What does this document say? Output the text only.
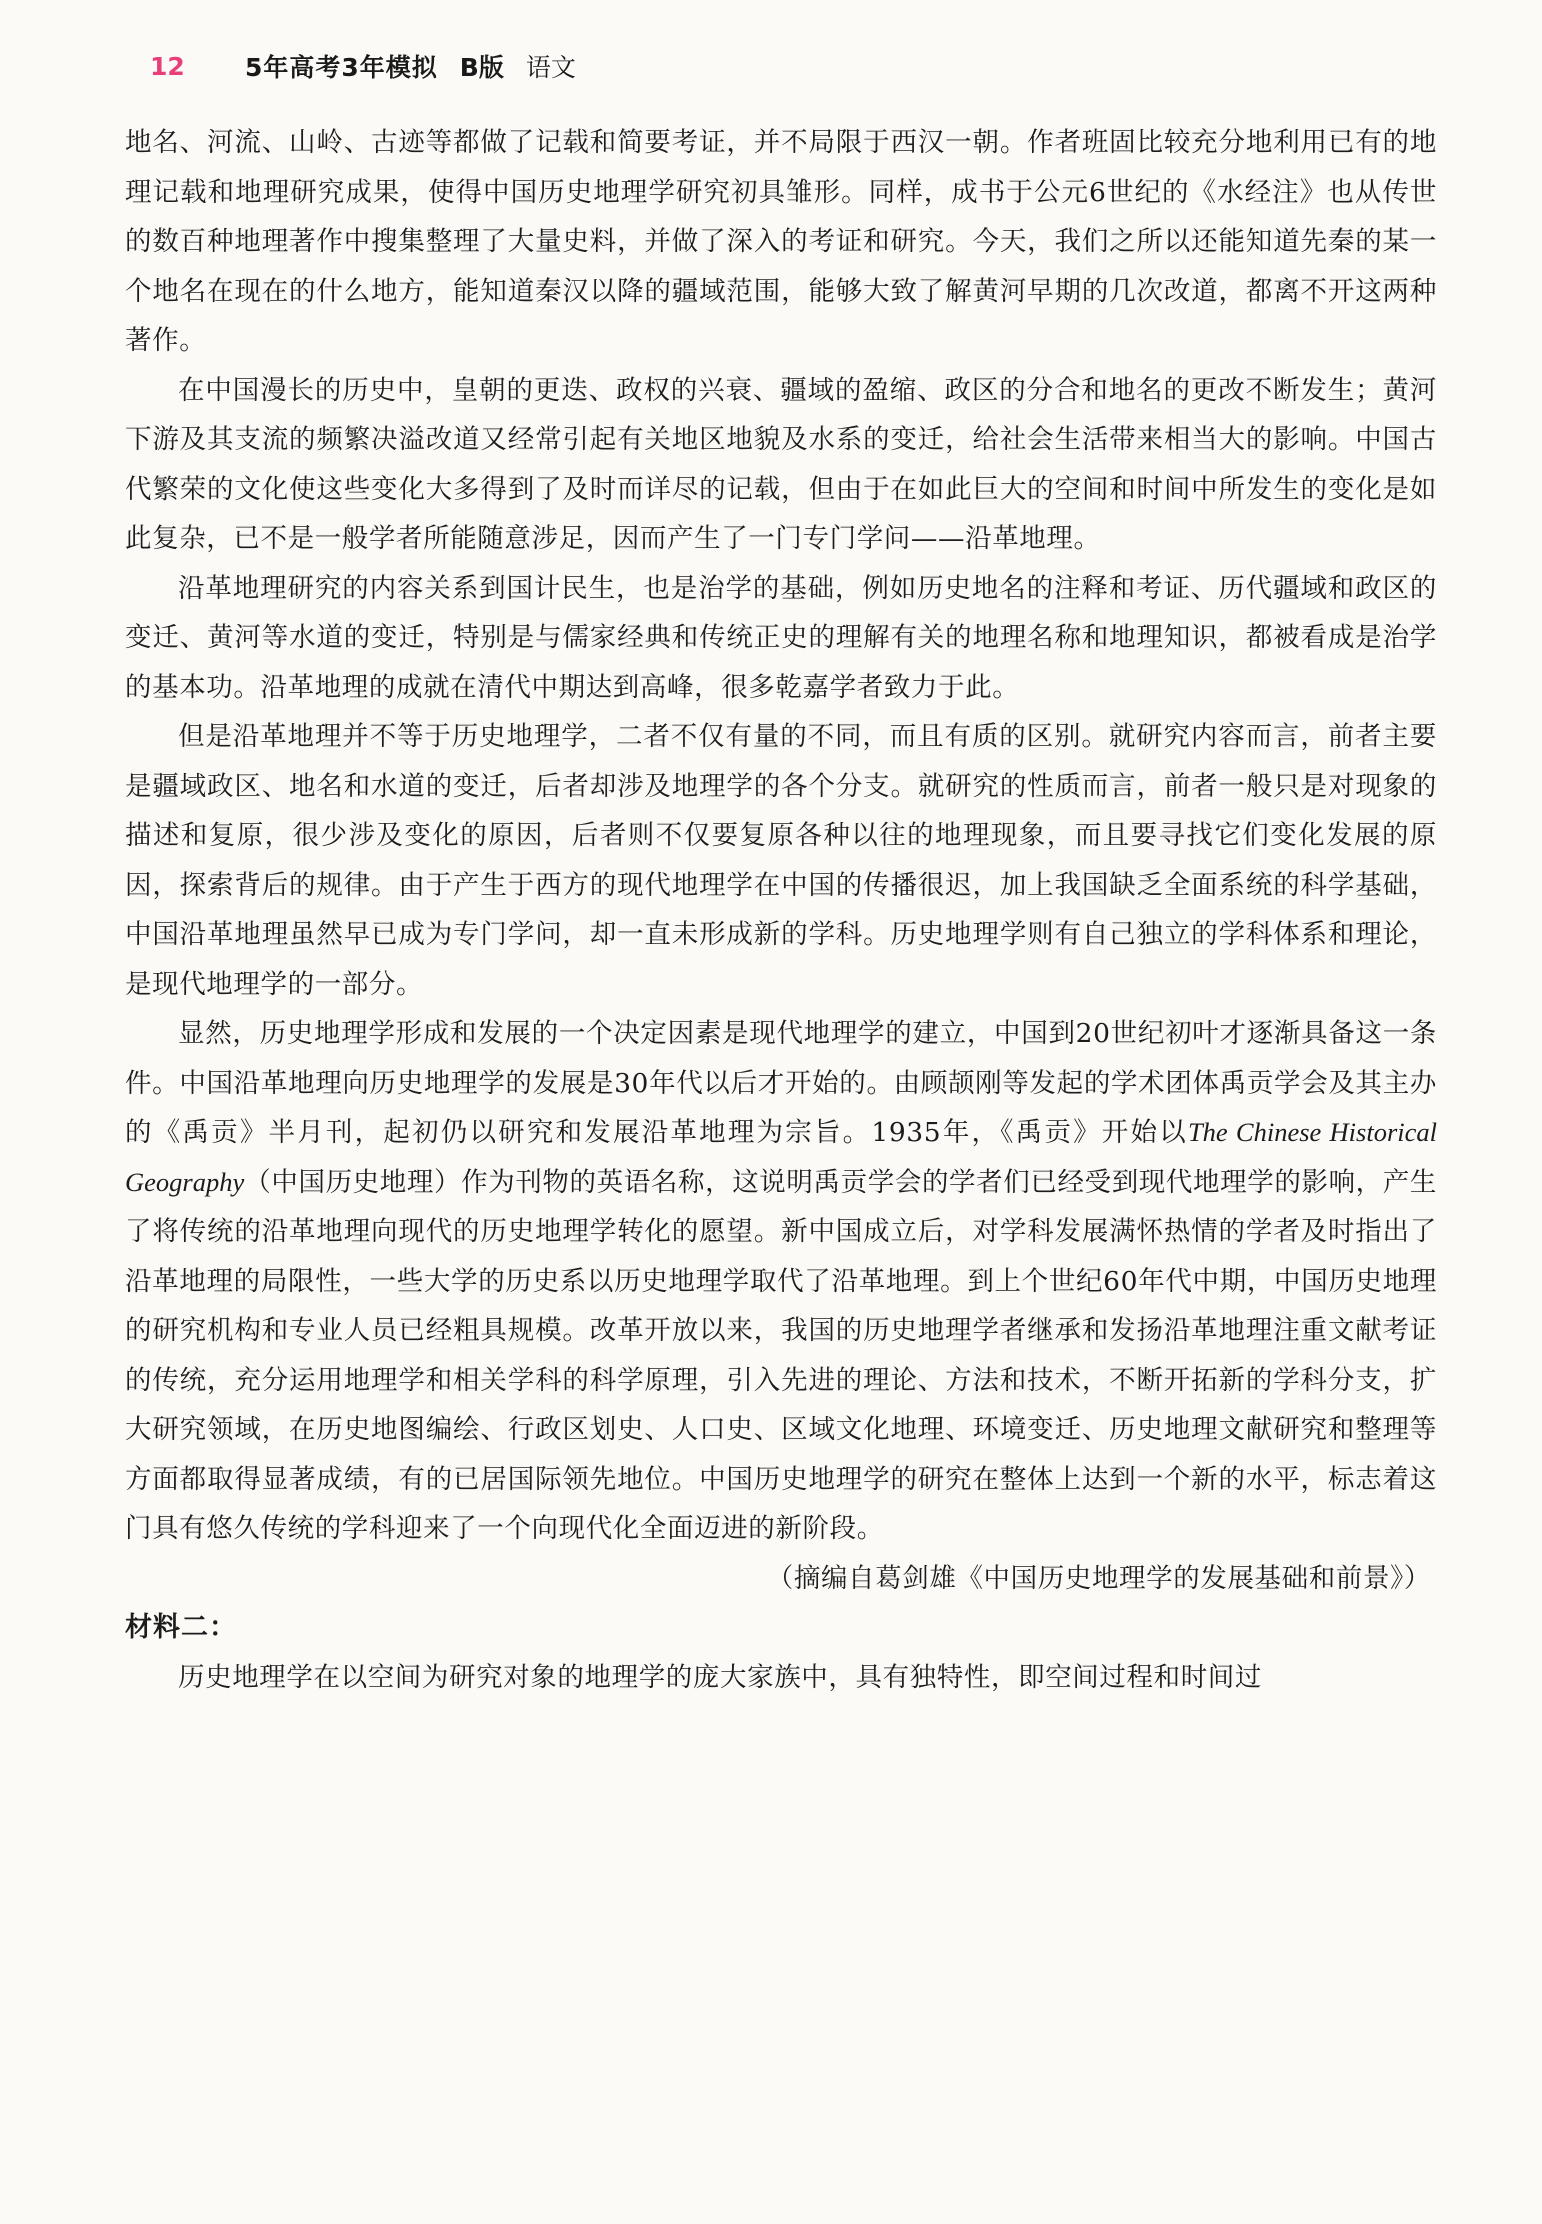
12	5年高考3年模拟 B版 语文

地名、河流、山岭、古迹等都做了记载和简要考证，并不局限于西汉一朝。作者班固比较充分地利用已有的地理记载和地理研究成果，使得中国历史地理学研究初具雏形。同样，成书于公元6世纪的《水经注》也从传世的数百种地理著作中搜集整理了大量史料，并做了深入的考证和研究。今天，我们之所以还能知道先秦的某一个地名在现在的什么地方，能知道秦汉以降的疆域范围，能够大致了解黄河早期的几次改道，都离不开这两种著作。

在中国漫长的历史中，皇朝的更迭、政权的兴衰、疆域的盈缩、政区的分合和地名的更改不断发生；黄河下游及其支流的频繁决溢改道又经常引起有关地区地貌及水系的变迁，给社会生活带来相当大的影响。中国古代繁荣的文化使这些变化大多得到了及时而详尽的记载，但由于在如此巨大的空间和时间中所发生的变化是如此复杂，已不是一般学者所能随意涉足，因而产生了一门专门学问——沿革地理。

沿革地理研究的内容关系到国计民生，也是治学的基础，例如历史地名的注释和考证、历代疆域和政区的变迁、黄河等水道的变迁，特别是与儒家经典和传统正史的理解有关的地理名称和地理知识，都被看成是治学的基本功。沿革地理的成就在清代中期达到高峰，很多乾嘉学者致力于此。

但是沿革地理并不等于历史地理学，二者不仅有量的不同，而且有质的区别。就研究内容而言，前者主要是疆域政区、地名和水道的变迁，后者却涉及地理学的各个分支。就研究的性质而言，前者一般只是对现象的描述和复原，很少涉及变化的原因，后者则不仅要复原各种以往的地理现象，而且要寻找它们变化发展的原因，探索背后的规律。由于产生于西方的现代地理学在中国的传播很迟，加上我国缺乏全面系统的科学基础，中国沿革地理虽然早已成为专门学问，却一直未形成新的学科。历史地理学则有自己独立的学科体系和理论，是现代地理学的一部分。

显然，历史地理学形成和发展的一个决定因素是现代地理学的建立，中国到20世纪初叶才逐渐具备这一条件。中国沿革地理向历史地理学的发展是30年代以后才开始的。由顾颉刚等发起的学术团体禹贡学会及其主办的《禹贡》半月刊，起初仍以研究和发展沿革地理为宗旨。1935年，《禹贡》开始以The Chinese Historical Geography（中国历史地理）作为刊物的英语名称，这说明禹贡学会的学者们已经受到现代地理学的影响，产生了将传统的沿革地理向现代的历史地理学转化的愿望。新中国成立后，对学科发展满怀热情的学者及时指出了沿革地理的局限性，一些大学的历史系以历史地理学取代了沿革地理。到上个世纪60年代中期，中国历史地理的研究机构和专业人员已经粗具规模。改革开放以来，我国的历史地理学者继承和发扬沿革地理注重文献考证的传统，充分运用地理学和相关学科的科学原理，引入先进的理论、方法和技术，不断开拓新的学科分支，扩大研究领域，在历史地图编绘、行政区划史、人口史、区域文化地理、环境变迁、历史地理文献研究和整理等方面都取得显著成绩，有的已居国际领先地位。中国历史地理学的研究在整体上达到一个新的水平，标志着这门具有悠久传统的学科迎来了一个向现代化全面迈进的新阶段。

（摘编自葛剑雄《中国历史地理学的发展基础和前景》）

材料二：

历史地理学在以空间为研究对象的地理学的庞大家族中，具有独特性，即空间过程和时间过
